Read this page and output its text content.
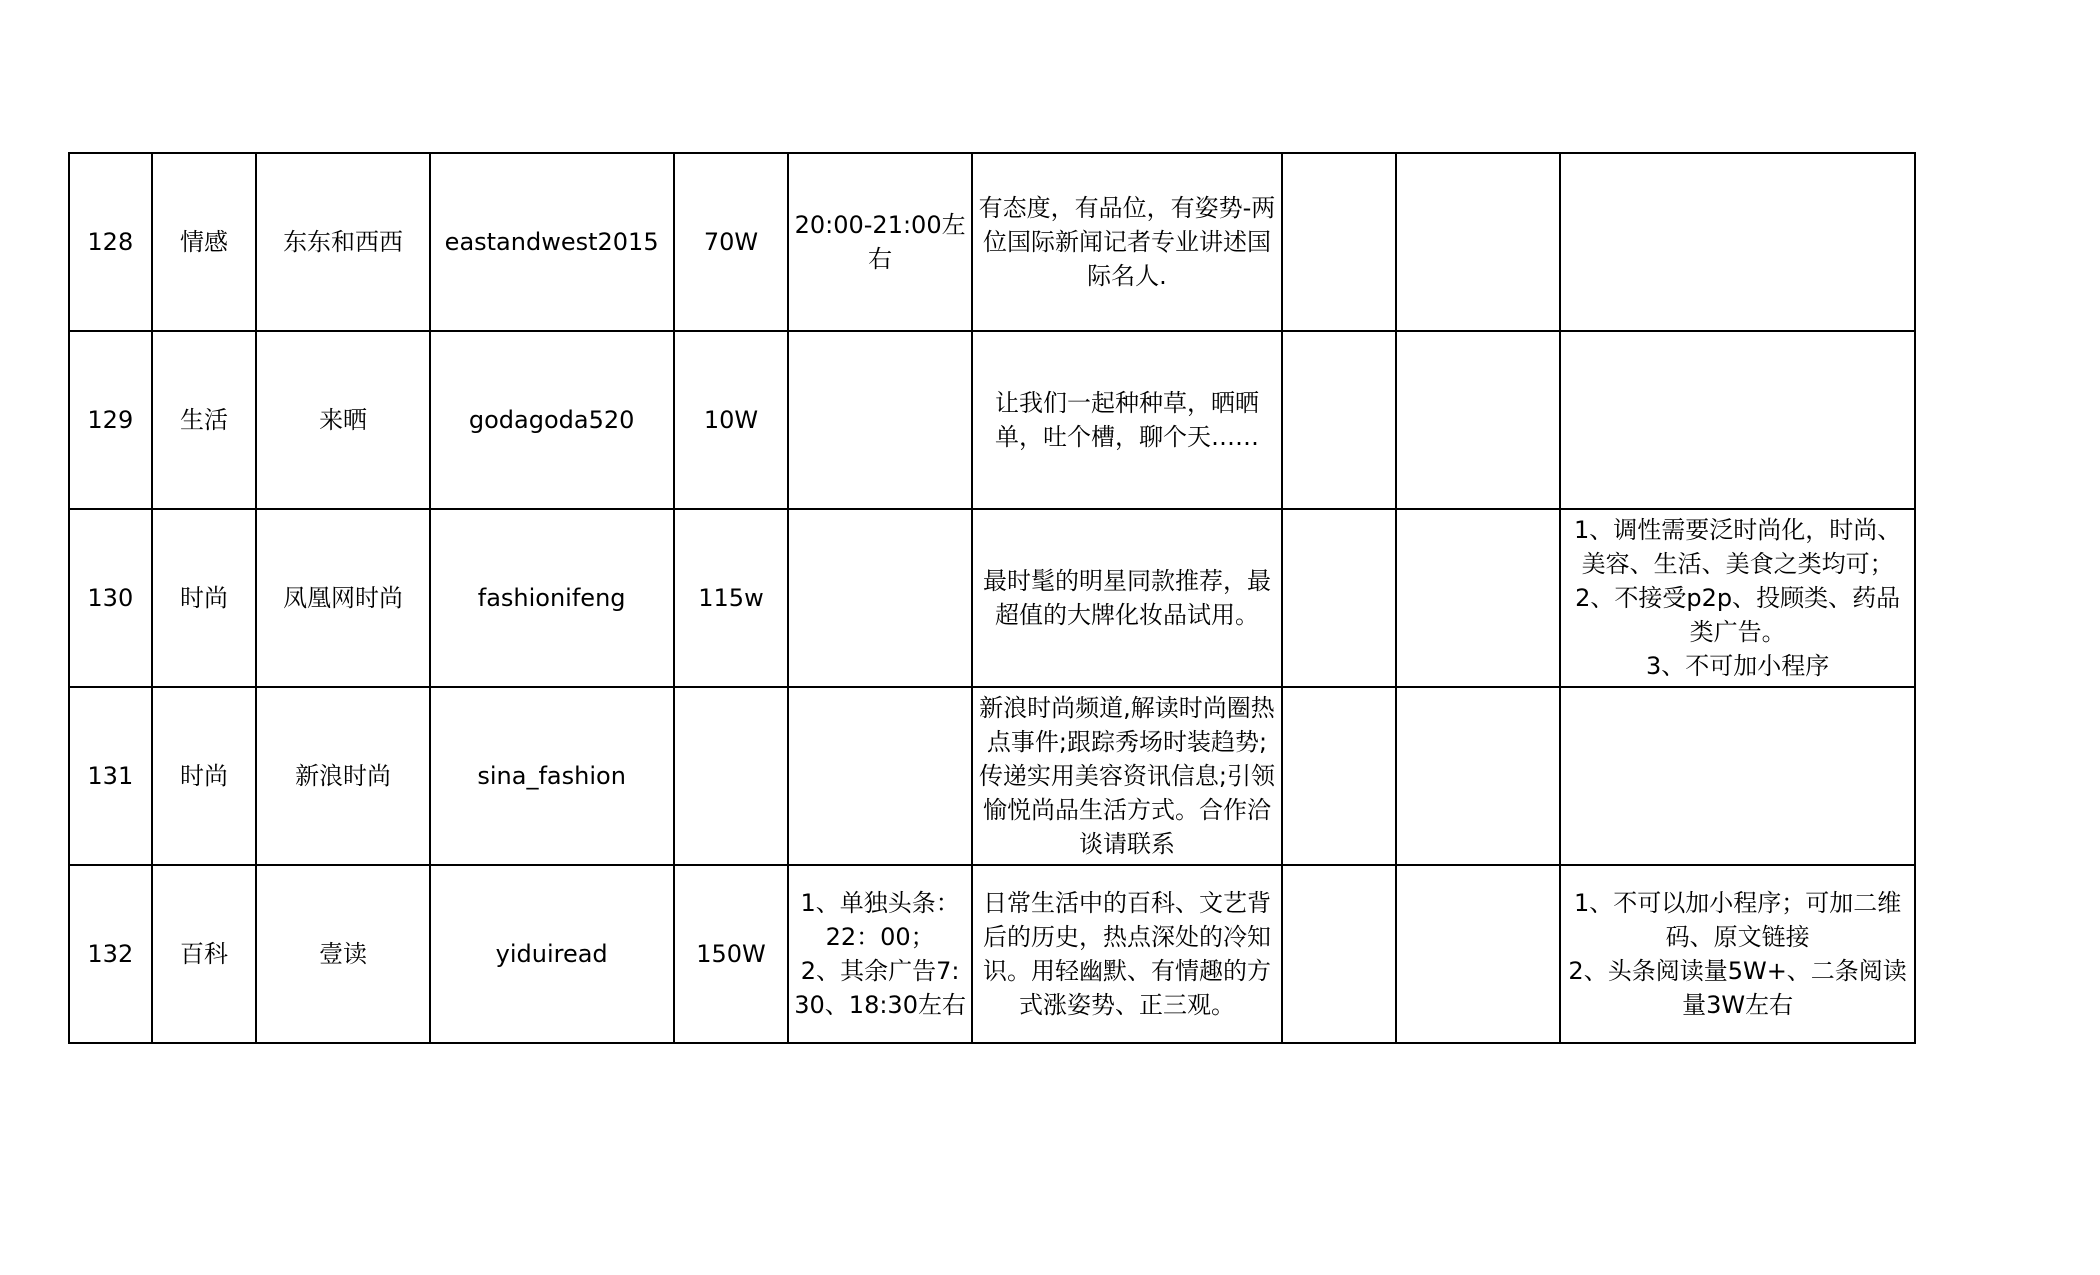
128	情感	东东和西西	eastandwest2015	70W	20:00-21:00左右	有态度，有品位，有姿势-两位国际新闻记者专业讲述国际名人.			

129	生活	来晒	godagoda520	10W		让我们一起种种草，晒晒单，吐个槽，聊个天……			

130	时尚	凤凰网时尚	fashionifeng	115w		最时髦的明星同款推荐，最超值的大牌化妆品试用。			1、调性需要泛时尚化，时尚、美容、生活、美食之类均可；
2、不接受p2p、投顾类、药品类广告。
3、不可加小程序

131	时尚	新浪时尚	sina_fashion			新浪时尚频道,解读时尚圈热点事件;跟踪秀场时装趋势;传递实用美容资讯信息;引领愉悦尚品生活方式。合作洽谈请联系			

132	百科	壹读	yiduiread	150W	1、单独头条：22：00；
2、其余广告7:30、18:30左右	日常生活中的百科、文艺背后的历史，热点深处的冷知识。用轻幽默、有情趣的方式涨姿势、正三观。			1、不可以加小程序；可加二维码、原文链接
2、头条阅读量5W+、二条阅读量3W左右
